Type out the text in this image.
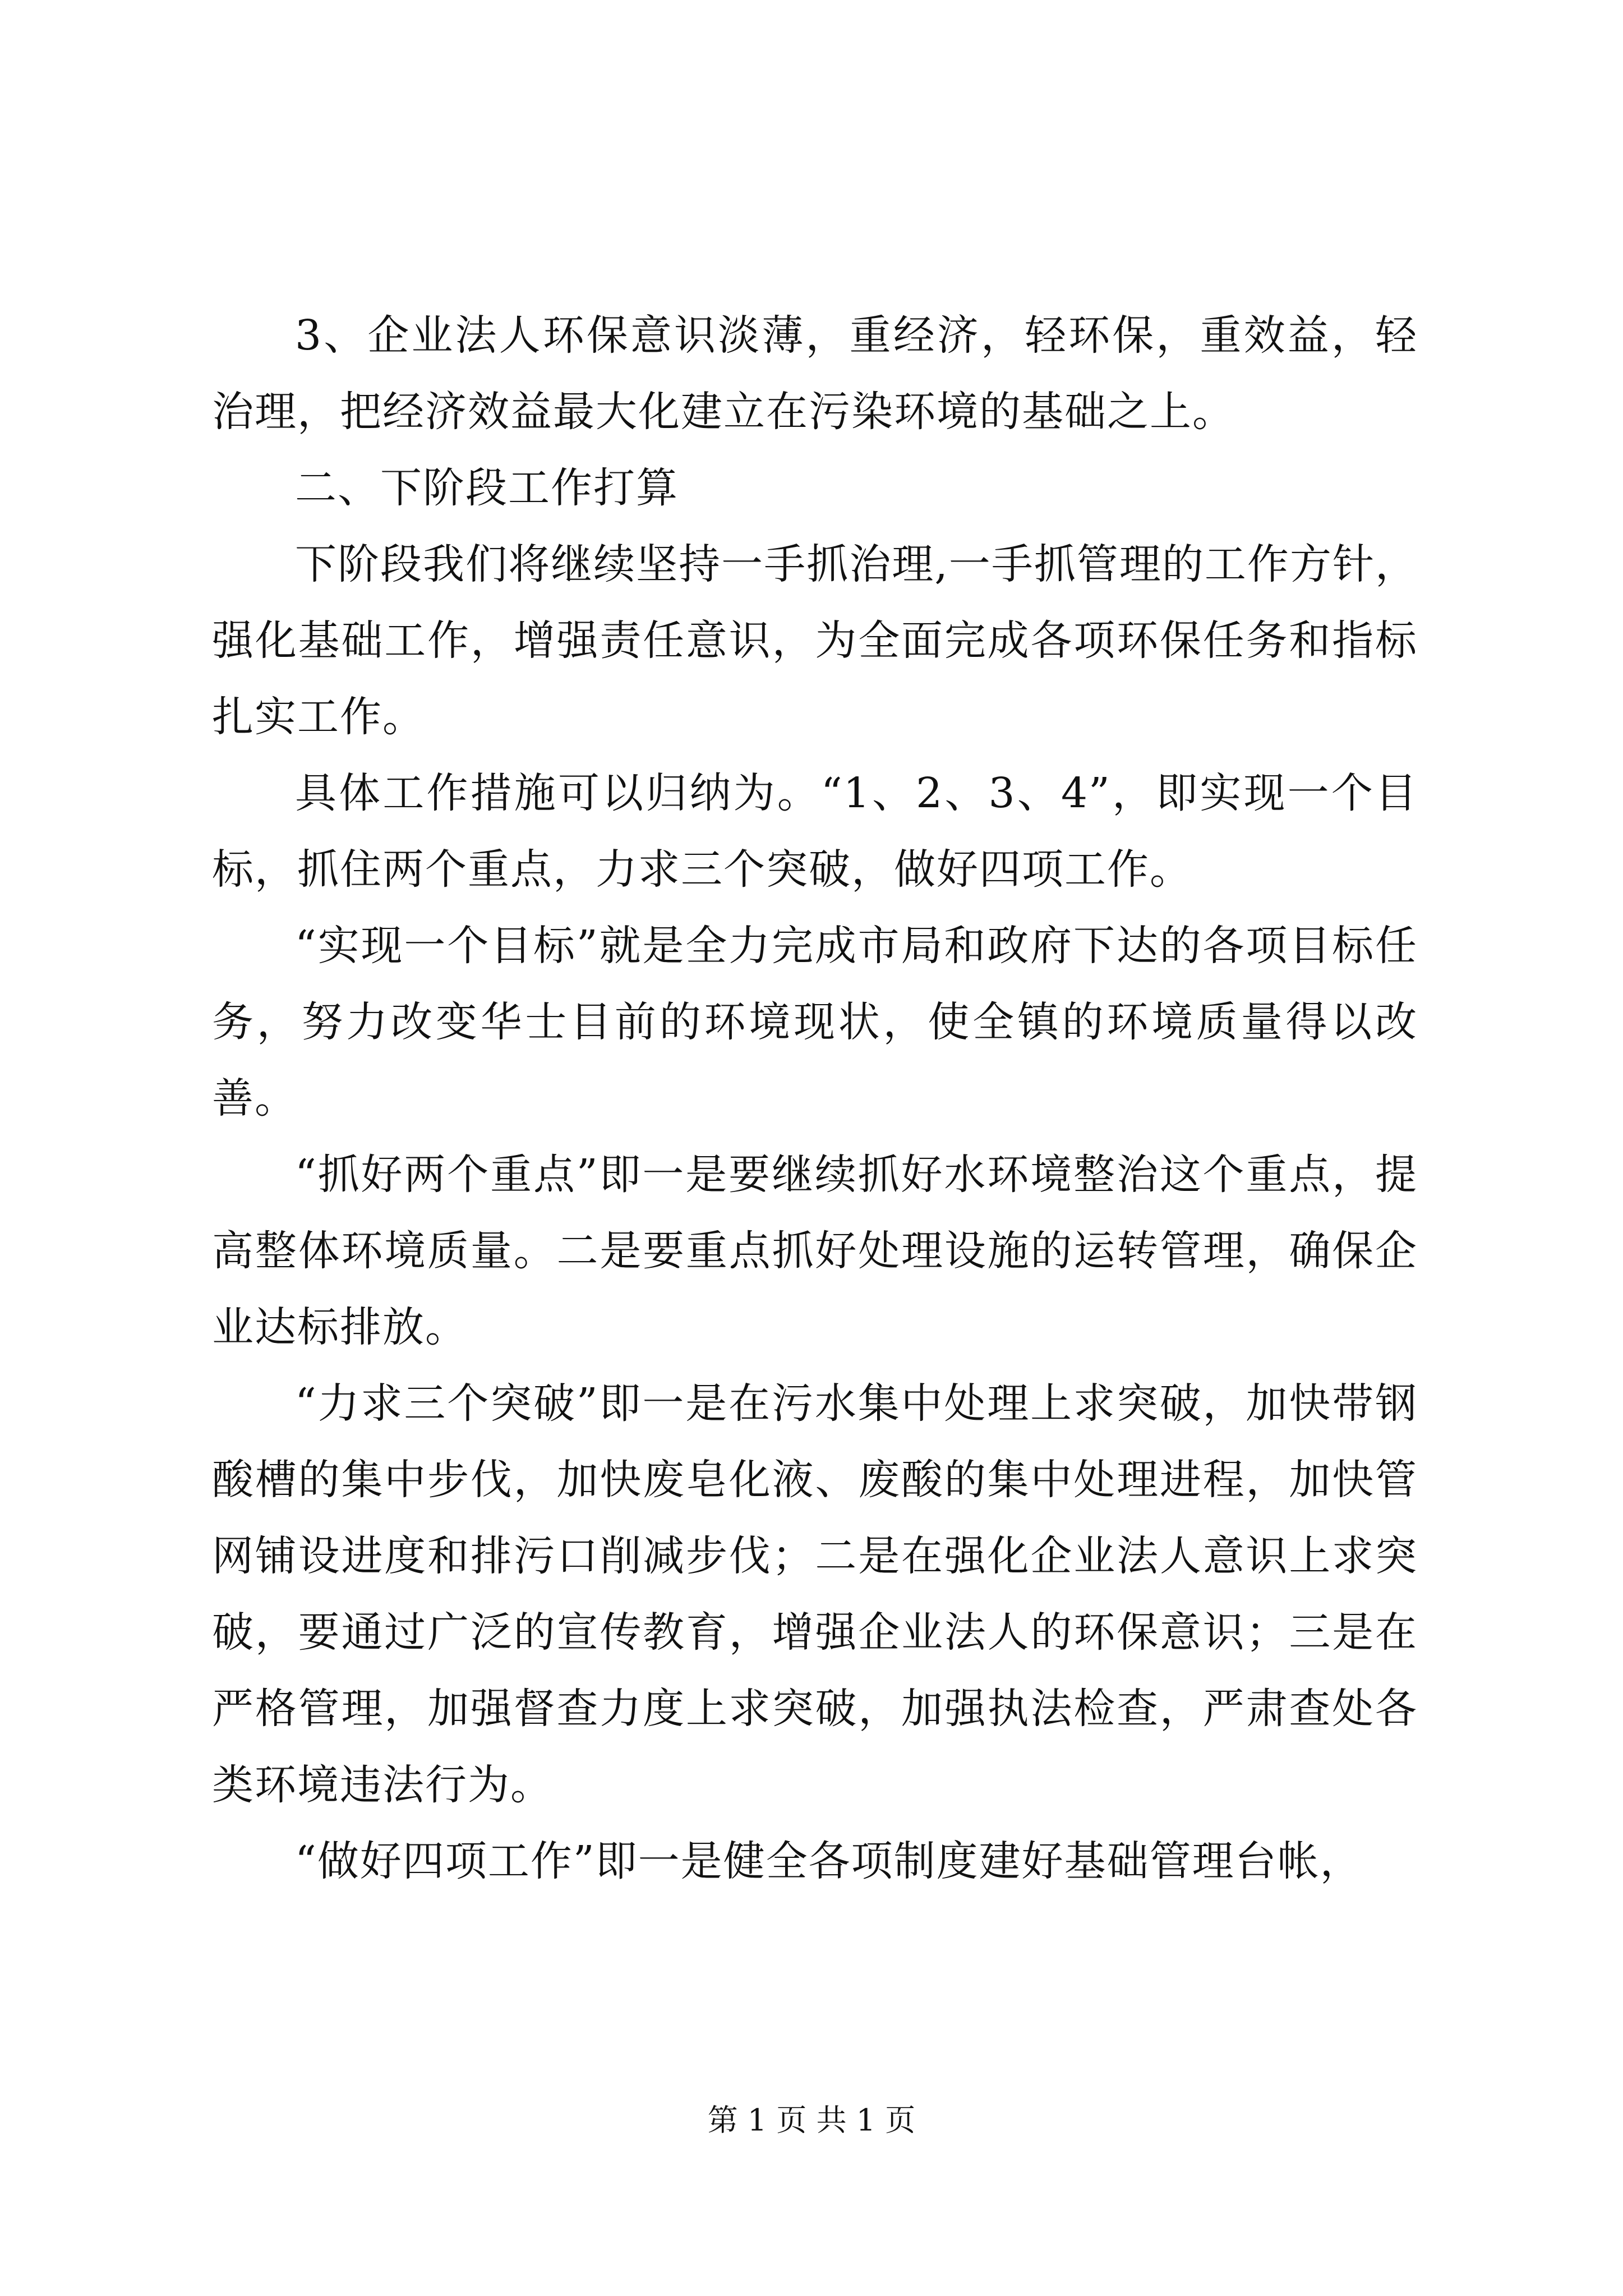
3、企业法人环保意识淡薄，重经济，轻环保，重效益，轻治理，把经济效益最大化建立在污染环境的基础之上。

二、下阶段工作打算

下阶段我们将继续坚持一手抓治理,一手抓管理的工作方针，强化基础工作，增强责任意识，为全面完成各项环保任务和指标扎实工作。

具体工作措施可以归纳为。“1、2、3、4”，即实现一个目标，抓住两个重点，力求三个突破，做好四项工作。

“实现一个目标”就是全力完成市局和政府下达的各项目标任务，努力改变华士目前的环境现状，使全镇的环境质量得以改善。

“抓好两个重点”即一是要继续抓好水环境整治这个重点，提高整体环境质量。二是要重点抓好处理设施的运转管理，确保企业达标排放。

“力求三个突破”即一是在污水集中处理上求突破，加快带钢酸槽的集中步伐，加快废皂化液、废酸的集中处理进程，加快管网铺设进度和排污口削减步伐；二是在强化企业法人意识上求突破，要通过广泛的宣传教育，增强企业法人的环保意识；三是在严格管理，加强督查力度上求突破，加强执法检查，严肃查处各类环境违法行为。

“做好四项工作”即一是健全各项制度建好基础管理台帐，

第 1 页 共 1 页
